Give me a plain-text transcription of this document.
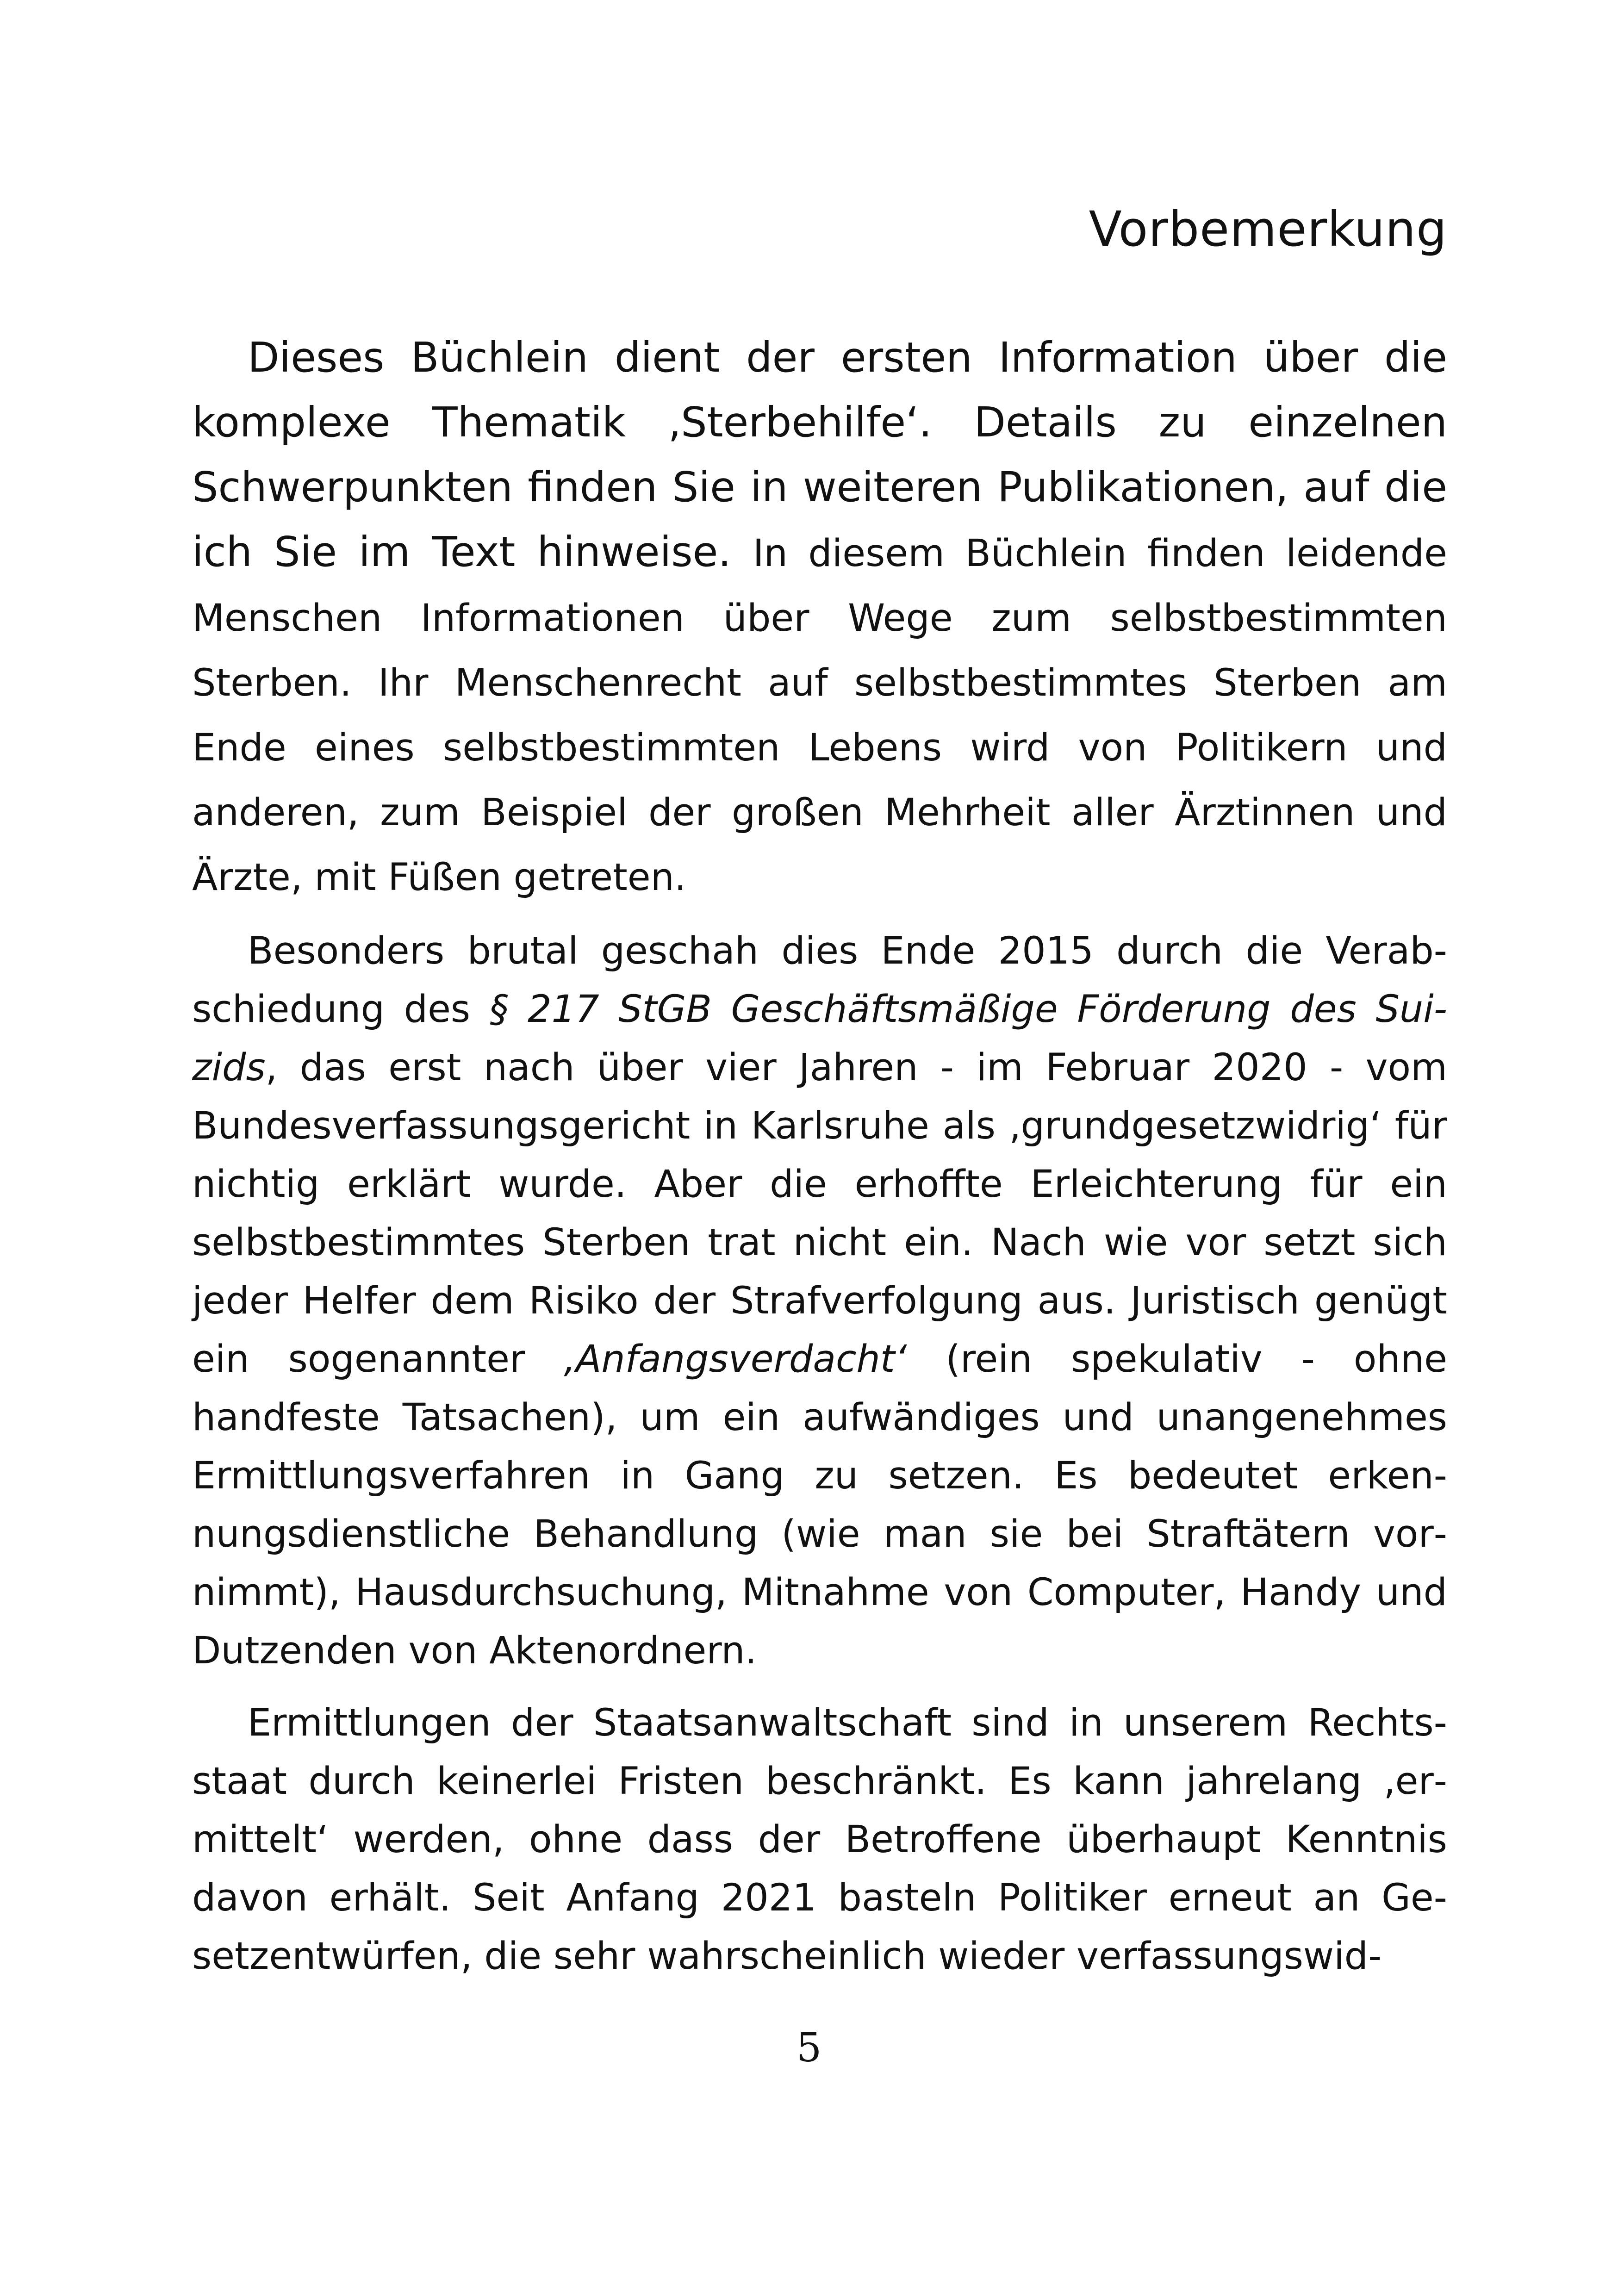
Vorbemerkung

Dieses Büchlein dient der ersten Information über die komplexe Thematik ‚Sterbehilfe‘. Details zu einzelnen Schwerpunkten finden Sie in weiteren Publikationen, auf die ich Sie im Text hinweise. In diesem Büchlein finden leidende Menschen Informationen über Wege zum selbstbestimmten Sterben. Ihr Menschenrecht auf selbstbestimmtes Sterben am Ende eines selbstbestimmten Lebens wird von Politikern und anderen, zum Beispiel der großen Mehrheit aller Ärztinnen und Ärzte, mit Füßen getreten.

Besonders brutal geschah dies Ende 2015 durch die Verabschiedung des § 217 StGB Geschäftsmäßige Förderung des Suizids, das erst nach über vier Jahren - im Februar 2020 - vom Bundesverfassungsgericht in Karlsruhe als ‚grundgesetzwidrig‘ für nichtig erklärt wurde. Aber die erhoffte Erleichterung für ein selbstbestimmtes Sterben trat nicht ein. Nach wie vor setzt sich jeder Helfer dem Risiko der Strafverfolgung aus. Juristisch genügt ein sogenannter ‚Anfangsverdacht‘ (rein spekulativ - ohne handfeste Tatsachen), um ein aufwändiges und unangenehmes Ermittlungsverfahren in Gang zu setzen. Es bedeutet erkennungsdienstliche Behandlung (wie man sie bei Straftätern vornimmt), Hausdurchsuchung, Mitnahme von Computer, Handy und Dutzenden von Aktenordnern.

Ermittlungen der Staatsanwaltschaft sind in unserem Rechtsstaat durch keinerlei Fristen beschränkt. Es kann jahrelang ‚ermittelt‘ werden, ohne dass der Betroffene überhaupt Kenntnis davon erhält. Seit Anfang 2021 basteln Politiker erneut an Gesetzentwürfen, die sehr wahrscheinlich wieder verfassungswid-

5
